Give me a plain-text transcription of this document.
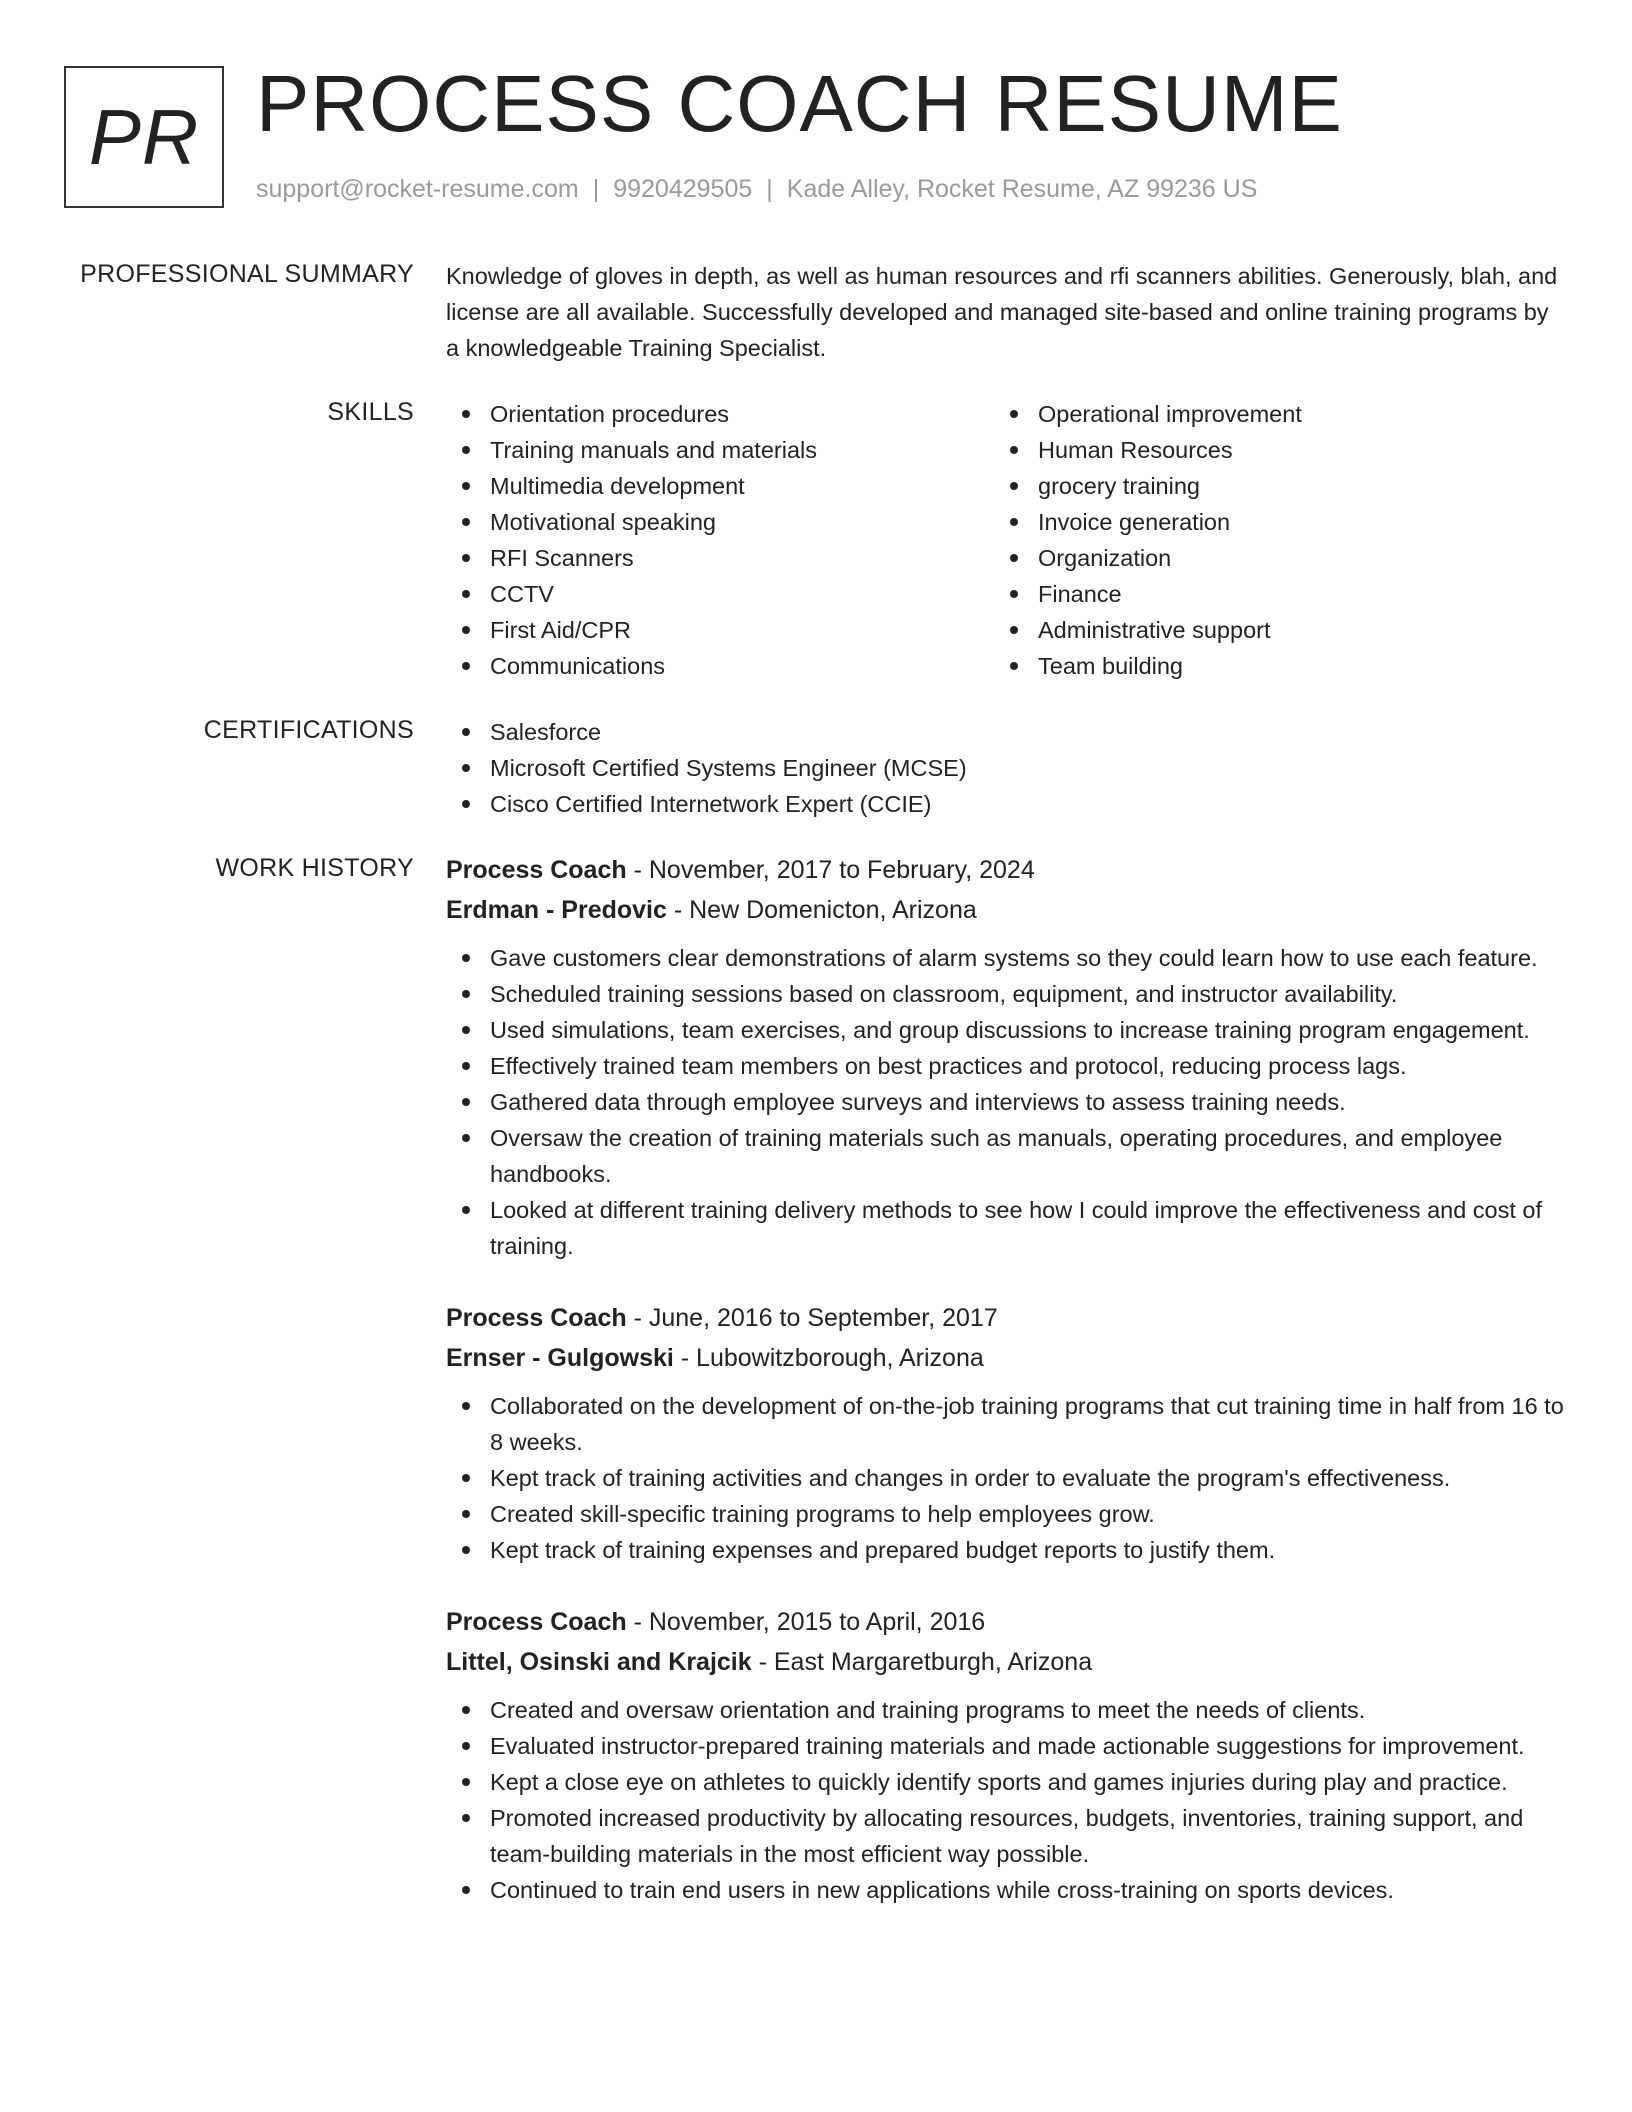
PR PROCESS COACH RESUME
support@rocket-resume.com | 9920429505 | Kade Alley, Rocket Resume, AZ 99236 US
PROFESSIONAL SUMMARY Knowledge of gloves in depth, as well as human resources and rfi scanners abilities. Generously, blah, and license are all available. Successfully developed and managed site-based and online training programs by a knowledgeable Training Specialist.

SKILLS	Orientation procedures
Training manuals and materials
Multimedia development
Motivational speaking
RFI Scanners
CCTV
First Aid/CPR
Communications
Operational improvement
Human Resources
grocery training
Invoice generation
Organization
Finance
Administrative support
Team building
CERTIFICATIONS	Salesforce
Microsoft Certified Systems Engineer (MCSE)
Cisco Certified Internetwork Expert (CCIE)
WORK HISTORY Process Coach - November, 2017 to February, 2024
Erdman - Predovic - New Domenicton, Arizona
Gave customers clear demonstrations of alarm systems so they could learn how to use each feature.
Scheduled training sessions based on classroom, equipment, and instructor availability.
Used simulations, team exercises, and group discussions to increase training program engagement.
Effectively trained team members on best practices and protocol, reducing process lags.
Gathered data through employee surveys and interviews to assess training needs.
Oversaw the creation of training materials such as manuals, operating procedures, and employee handbooks.
Looked at different training delivery methods to see how I could improve the effectiveness and cost of training.
Process Coach - June, 2016 to September, 2017
Ernser - Gulgowski - Lubowitzborough, Arizona
Collaborated on the development of on-the-job training programs that cut training time in half from 16 to 8 weeks.
Kept track of training activities and changes in order to evaluate the program's effectiveness.
Created skill-specific training programs to help employees grow.
Kept track of training expenses and prepared budget reports to justify them.
Process Coach - November, 2015 to April, 2016
Littel, Osinski and Krajcik - East Margaretburgh, Arizona
Created and oversaw orientation and training programs to meet the needs of clients.
Evaluated instructor-prepared training materials and made actionable suggestions for improvement.
Kept a close eye on athletes to quickly identify sports and games injuries during play and practice.
Promoted increased productivity by allocating resources, budgets, inventories, training support, and team-building materials in the most efficient way possible.
Continued to train end users in new applications while cross-training on sports devices.
